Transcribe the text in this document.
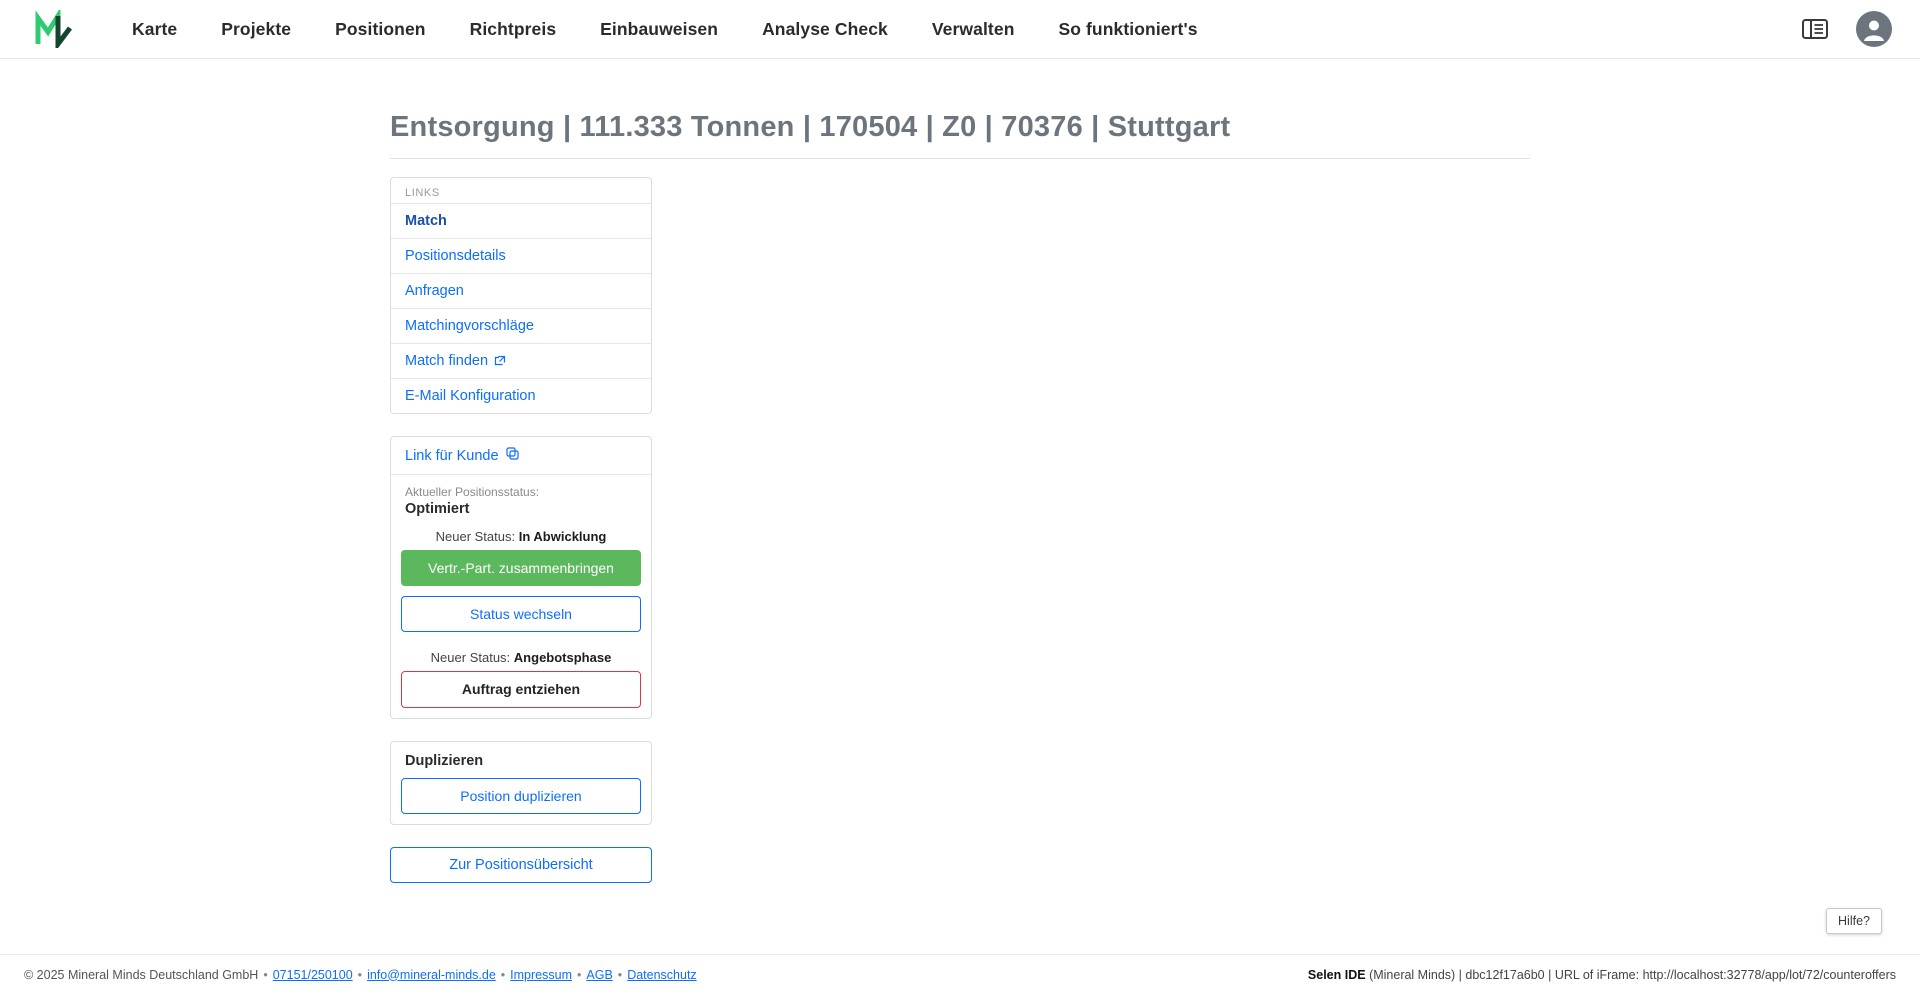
Karte	Projekte	Positionen	Richtpreis	Einbauweisen	Analyse Check	Verwalten	So funktioniert's
Entsorgung | 111.333 Tonnen | 170504 | Z0 | 70376 | Stuttgart
LINKS
Match
Positionsdetails
Anfragen
Matchingvorschläge
Match finden
E-Mail Konfiguration
Link für Kunde
Aktueller Positionsstatus:
Optimiert
Neuer Status: In Abwicklung
Vertr.-Part. zusammenbringen
Status wechseln
Neuer Status: Angebotsphase
Auftrag entziehen
Duplizieren
Position duplizieren
Zur Positionsübersicht
Hilfe?
© 2025 Mineral Minds Deutschland GmbH • 07151/250100 • info@mineral-minds.de • Impressum • AGB • Datenschutz	Selen IDE (Mineral Minds) | dbc12f17a6b0 | URL of iFrame: http://localhost:32778/app/lot/72/counteroffers
